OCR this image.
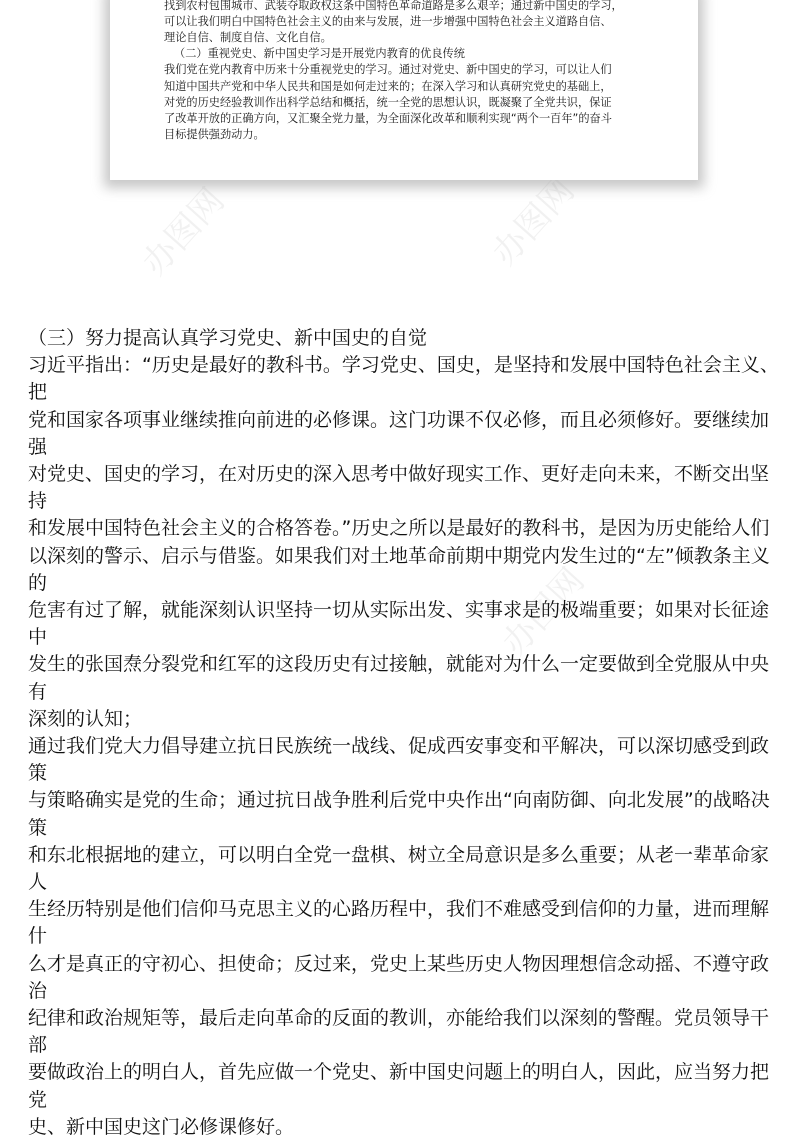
办图网	办图网
办图网

找到农村包围城市、武装夺取政权这条中国特色革命道路是多么艰辛；通过新中国史的学习，

可以让我们明白中国特色社会主义的由来与发展，进一步增强中国特色社会主义道路自信、

理论自信、制度自信、文化自信。

（二）重视党史、新中国史学习是开展党内教育的优良传统

我们党在党内教育中历来十分重视党史的学习。通过对党史、新中国史的学习，可以让人们

知道中国共产党和中华人民共和国是如何走过来的；在深入学习和认真研究党史的基础上，

对党的历史经验教训作出科学总结和概括，统一全党的思想认识，既凝聚了全党共识，保证

了改革开放的正确方向，又汇聚全党力量，为全面深化改革和顺利实现“两个一百年”的奋斗

目标提供强劲动力。

（三）努力提高认真学习党史、新中国史的自觉

习近平指出：“历史是最好的教科书。学习党史、国史，是坚持和发展中国特色社会主义、把

党和国家各项事业继续推向前进的必修课。这门功课不仅必修，而且必须修好。要继续加强

对党史、国史的学习，在对历史的深入思考中做好现实工作、更好走向未来，不断交出坚持

和发展中国特色社会主义的合格答卷。”历史之所以是最好的教科书，是因为历史能给人们

以深刻的警示、启示与借鉴。如果我们对土地革命前期中期党内发生过的“左”倾教条主义的

危害有过了解，就能深刻认识坚持一切从实际出发、实事求是的极端重要；如果对长征途中

发生的张国焘分裂党和红军的这段历史有过接触，就能对为什么一定要做到全党服从中央有

深刻的认知；

通过我们党大力倡导建立抗日民族统一战线、促成西安事变和平解决，可以深切感受到政策

与策略确实是党的生命；通过抗日战争胜利后党中央作出“向南防御、向北发展”的战略决策

和东北根据地的建立，可以明白全党一盘棋、树立全局意识是多么重要；从老一辈革命家人

生经历特别是他们信仰马克思主义的心路历程中，我们不难感受到信仰的力量，进而理解什

么才是真正的守初心、担使命；反过来，党史上某些历史人物因理想信念动摇、不遵守政治

纪律和政治规矩等，最后走向革命的反面的教训，亦能给我们以深刻的警醒。党员领导干部

要做政治上的明白人，首先应做一个党史、新中国史问题上的明白人，因此，应当努力把党

史、新中国史这门必修课修好。
